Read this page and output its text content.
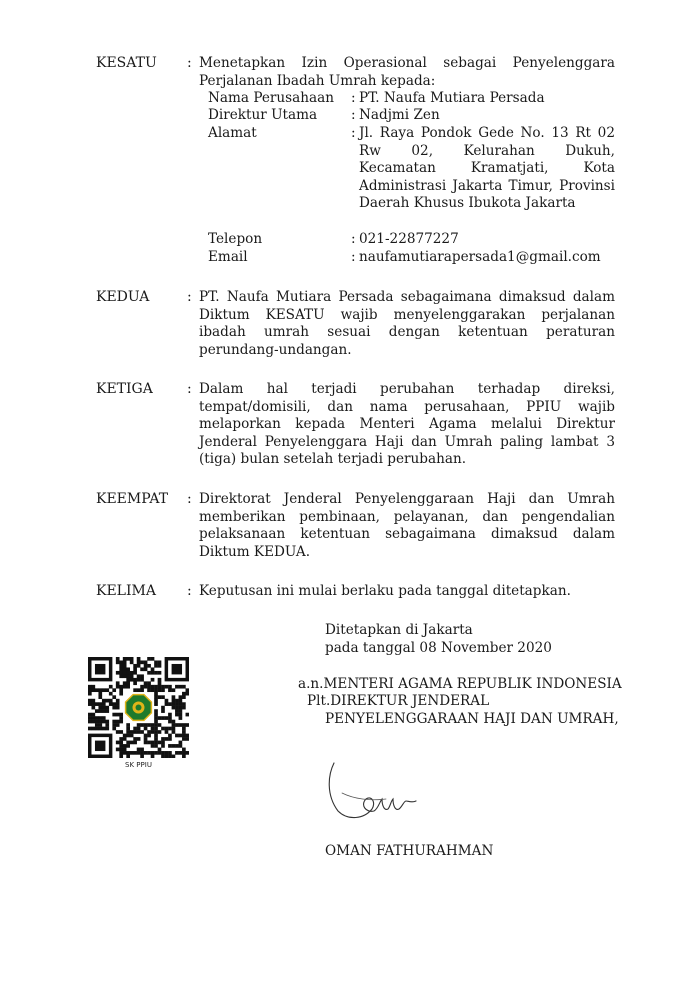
KESATU : Menetapkan Izin Operasional sebagai Penyelenggara
Perjalanan Ibadah Umrah kepada:
Nama Perusahaan : PT. Naufa Mutiara Persada
Direktur Utama : Nadjmi Zen
Alamat	: Jl. Raya Pondok Gede No. 13 Rt 02 Rw 02, Kelurahan Dukuh, Kecamatan Kramatjati, Kota Administrasi Jakarta Timur, Provinsi Daerah Khusus Ibukota Jakarta
Telepon	: 021-22877227
Email	: naufamutiarapersada1@gmail.com
KEDUA	: PT. Naufa Mutiara Persada sebagaimana dimaksud dalam Diktum KESATU wajib menyelenggarakan perjalanan ibadah umrah sesuai dengan ketentuan peraturan perundang-undangan.
KETIGA : Dalam hal terjadi perubahan terhadap direksi, tempat/domisili, dan nama perusahaan, PPIU wajib melaporkan kepada Menteri Agama melalui Direktur Jenderal Penyelenggara Haji dan Umrah paling lambat 3 (tiga) bulan setelah terjadi perubahan.
KEEMPAT : Direktorat Jenderal Penyelenggaraan Haji dan Umrah memberikan pembinaan, pelayanan, dan pengendalian pelaksanaan ketentuan sebagaimana dimaksud dalam Diktum KEDUA.
KELIMA : Keputusan ini mulai berlaku pada tanggal ditetapkan.
Ditetapkan di Jakarta
pada tanggal 08 November 2020
a.n.MENTERI AGAMA REPUBLIK INDONESIA
Plt.DIREKTUR JENDERAL
PENYELENGGARAAN HAJI DAN UMRAH,
OMAN FATHURAHMAN
SK PPIU
